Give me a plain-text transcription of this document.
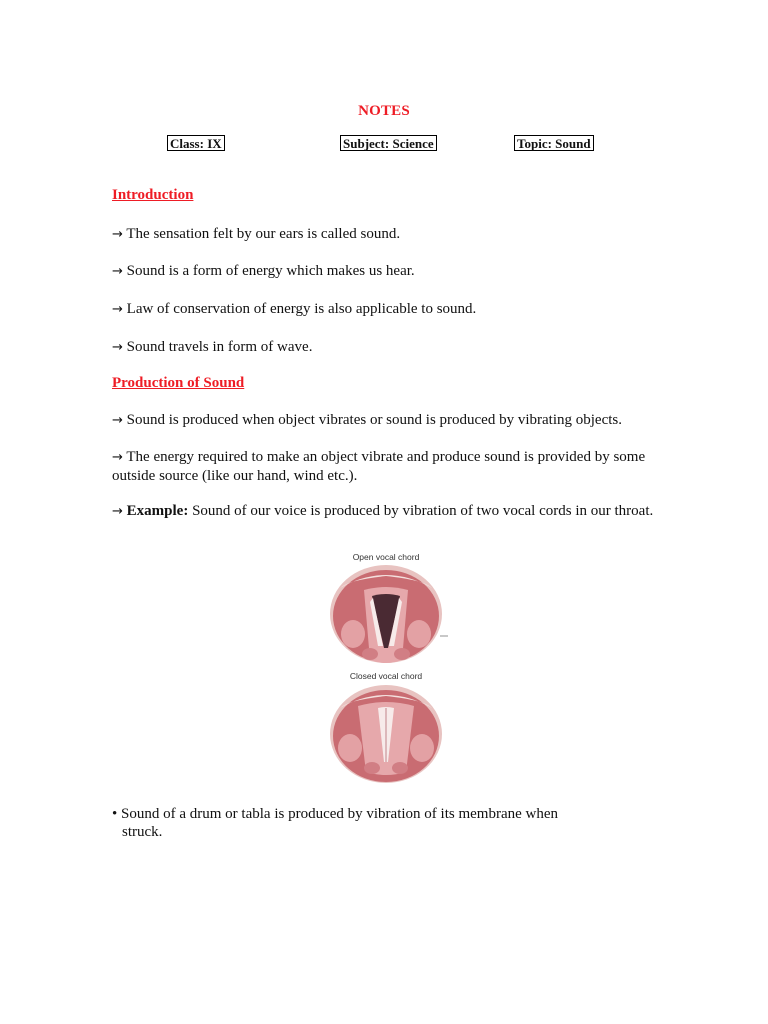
NOTES
Class: IX	Subject: Science	Topic: Sound
Introduction
→ The sensation felt by our ears is called sound.
→ Sound is a form of energy which makes us hear.
→ Law of conservation of energy is also applicable to sound.
→ Sound travels in form of wave.
Production of Sound
→ Sound is produced when object vibrates or sound is produced by vibrating objects.
→ The energy required to make an object vibrate and produce sound is provided by some outside source (like our hand, wind etc.).
→ Example: Sound of our voice is produced by vibration of two vocal cords in our throat.
Open vocal chord
Closed vocal chord
• Sound of a drum or tabla is produced by vibration of its membrane when
struck.
